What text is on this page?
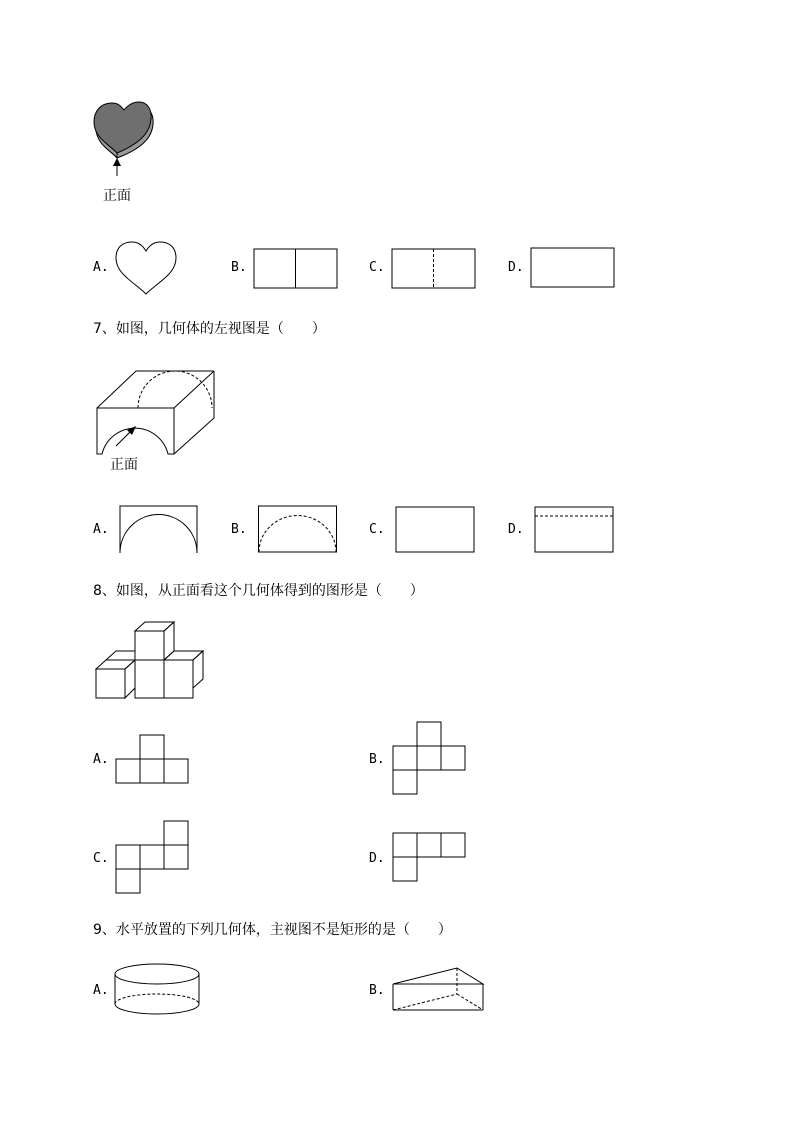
正面
A.	B.	C.	D.
7、如图，几何体的左视图是（　　）
正面
A.	B.	C.	D.
8、如图，从正面看这个几何体得到的图形是（　　）
A.	B.
C.	D.
9、水平放置的下列几何体，主视图不是矩形的是（　　）
A.	B.
